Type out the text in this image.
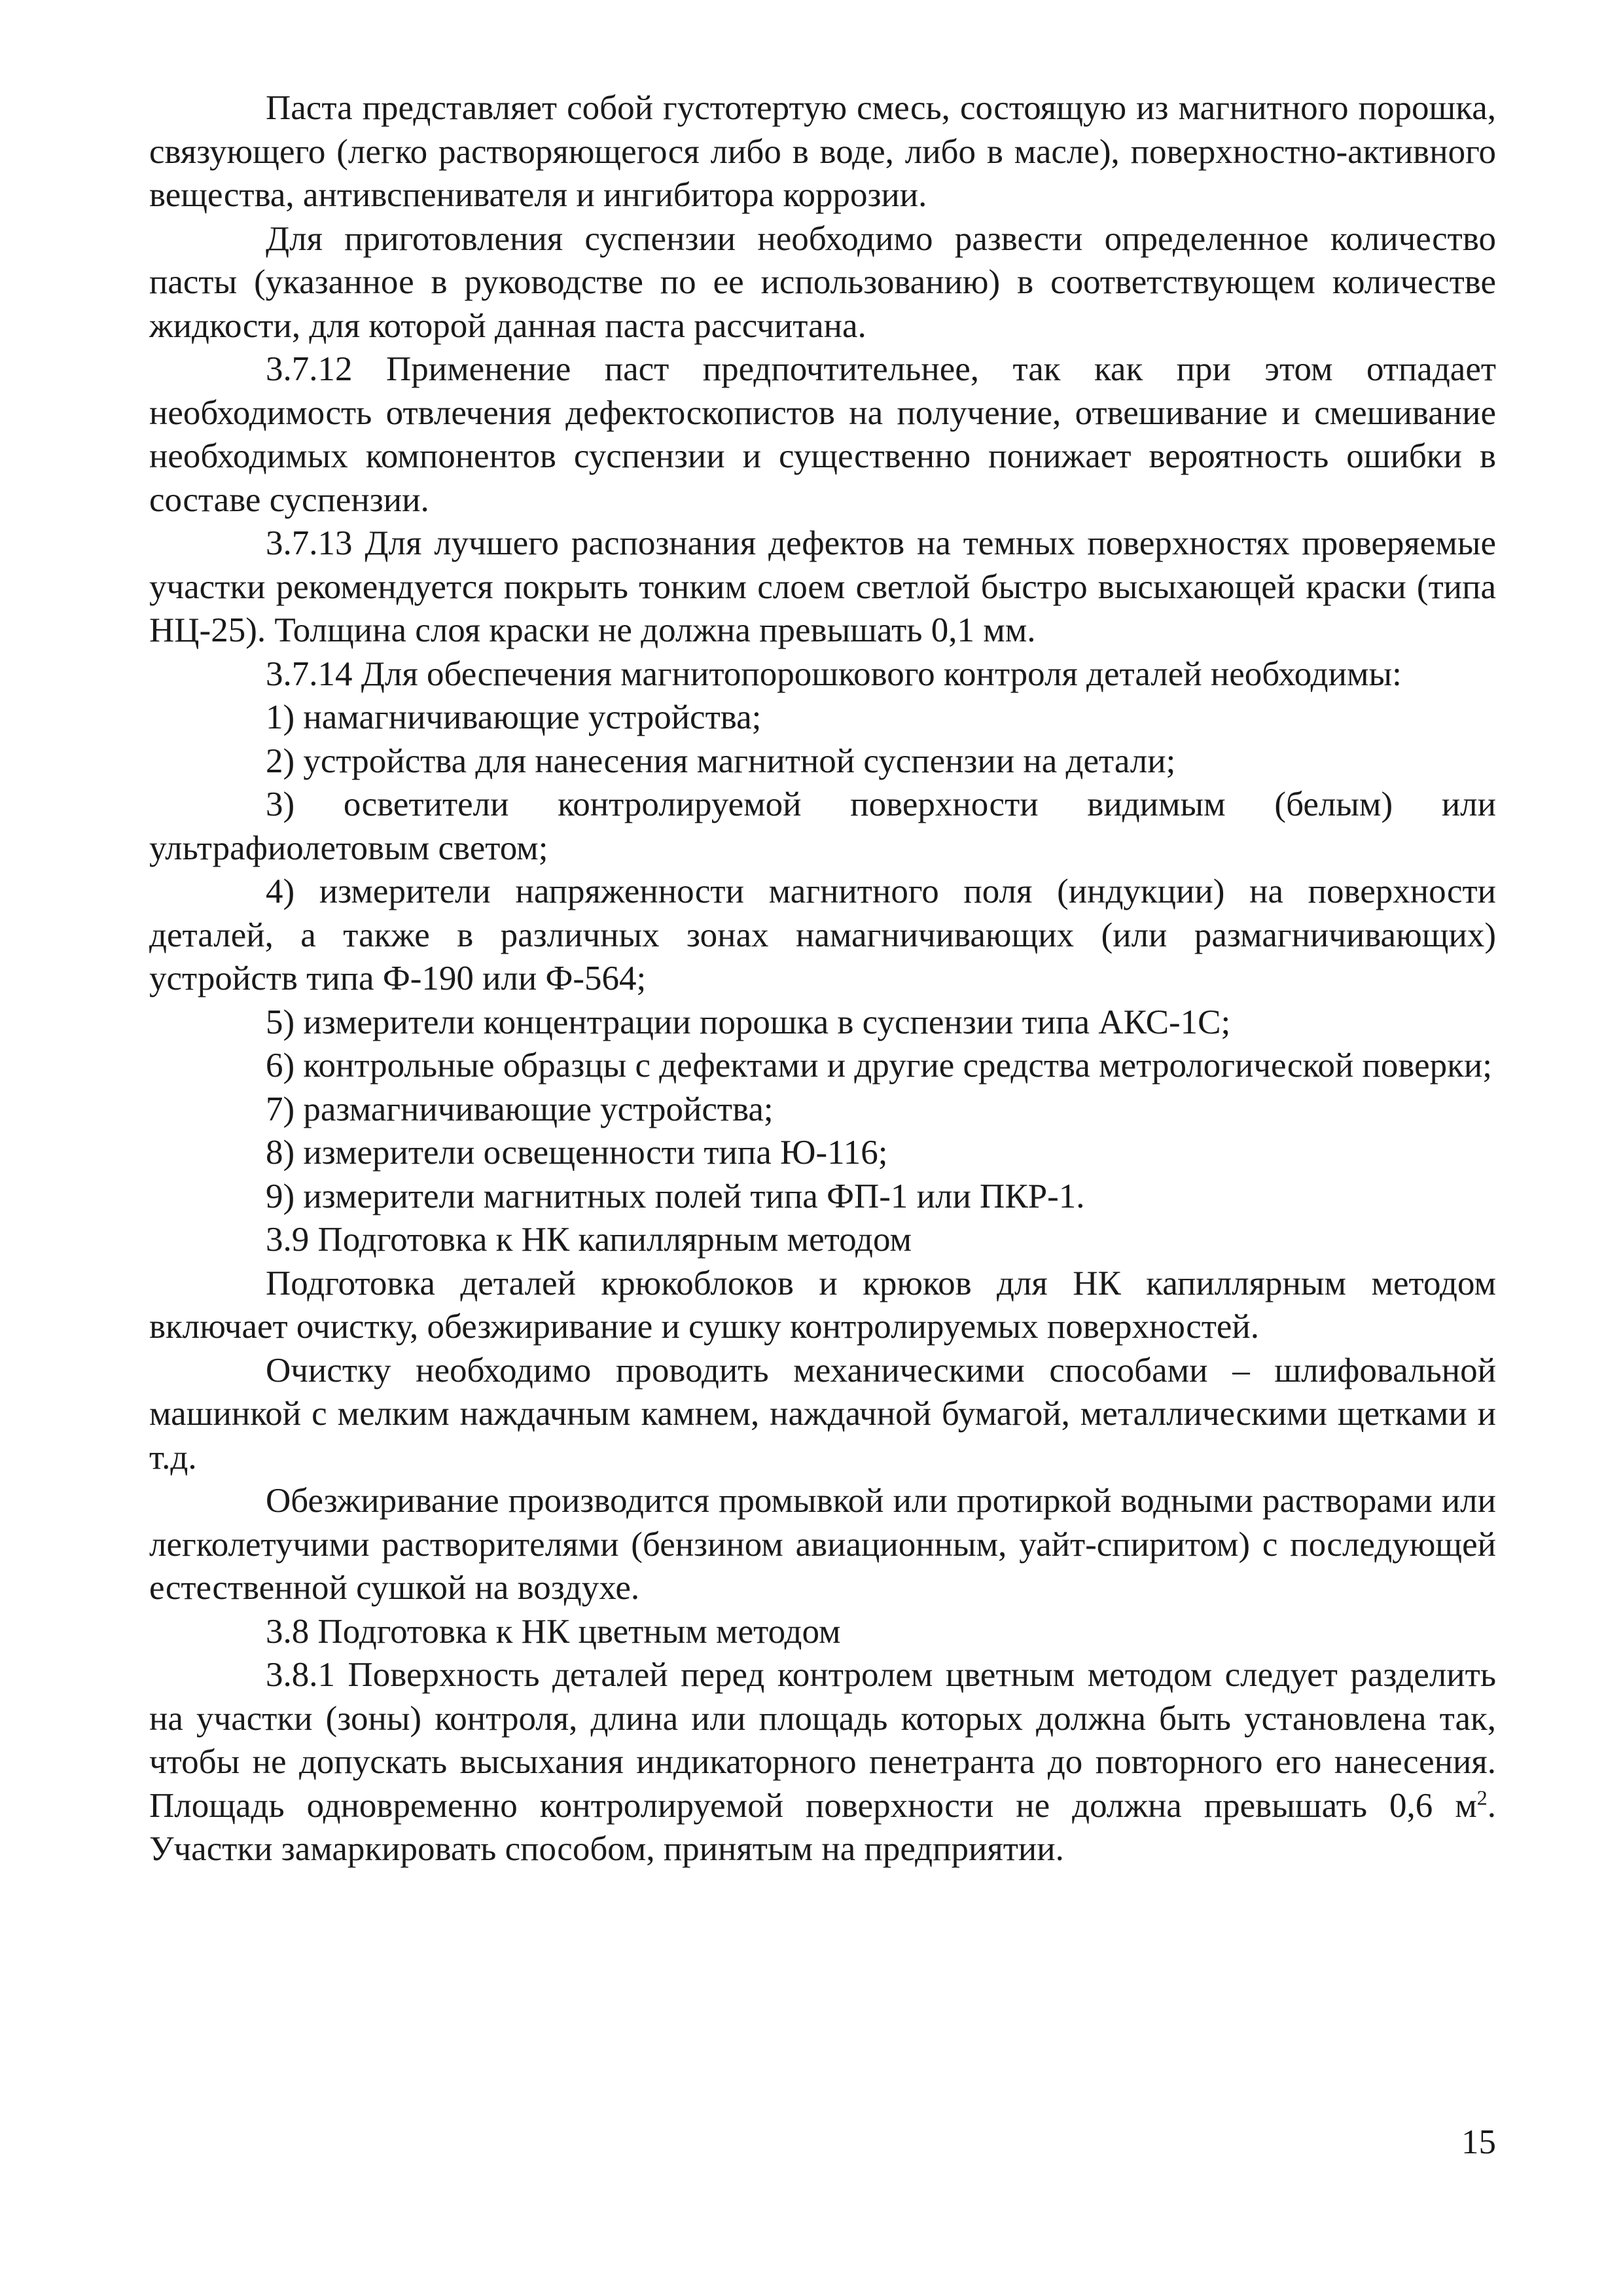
Паста представляет собой густотертую смесь, состоящую из магнитного порошка, связующего (легко растворяющегося либо в воде, либо в масле), поверхностно-активного вещества, антивспенивателя и ингибитора коррозии.

Для приготовления суспензии необходимо развести определенное количество пасты (указанное в руководстве по ее использованию) в соответствующем количестве жидкости, для которой данная паста рассчитана.

3.7.12 Применение паст предпочтительнее, так как при этом отпадает необходимость отвлечения дефектоскопистов на получение, отвешивание и смешивание необходимых компонентов суспензии и существенно понижает вероятность ошибки в составе суспензии.

3.7.13 Для лучшего распознания дефектов на темных поверхностях проверяемые участки рекомендуется покрыть тонким слоем светлой быстро высыхающей краски (типа НЦ-25). Толщина слоя краски не должна превышать 0,1 мм.

3.7.14 Для обеспечения магнитопорошкового контроля деталей необходимы:

1) намагничивающие устройства;

2) устройства для нанесения магнитной суспензии на детали;

3) осветители контролируемой поверхности видимым (белым) или ультрафиолетовым светом;

4) измерители напряженности магнитного поля (индукции) на поверхности деталей, а также в различных зонах намагничивающих (или размагничивающих) устройств типа Ф-190 или Ф-564;

5) измерители концентрации порошка в суспензии типа АКС-1С;

6) контрольные образцы с дефектами и другие средства метрологической поверки;

7) размагничивающие устройства;

8) измерители освещенности типа Ю-116;

9) измерители магнитных полей типа ФП-1 или ПКР-1.

3.9 Подготовка к НК капиллярным методом

Подготовка деталей крюкоблоков и крюков для НК капиллярным методом включает очистку, обезжиривание и сушку контролируемых поверхностей.

Очистку необходимо проводить механическими способами – шлифовальной машинкой с мелким наждачным камнем, наждачной бумагой, металлическими щетками и т.д.

Обезжиривание производится промывкой или протиркой водными растворами или легколетучими растворителями (бензином авиационным, уайт-спиритом) с последующей естественной сушкой на воздухе.

3.8 Подготовка к НК цветным методом

3.8.1 Поверхность деталей перед контролем цветным методом следует разделить на участки (зоны) контроля, длина или площадь которых должна быть установлена так, чтобы не допускать высыхания индикаторного пенетранта до повторного его нанесения. Площадь одновременно контролируемой поверхности не должна превышать 0,6 $м^2$. Участки замаркировать способом, принятым на предприятии.

15
